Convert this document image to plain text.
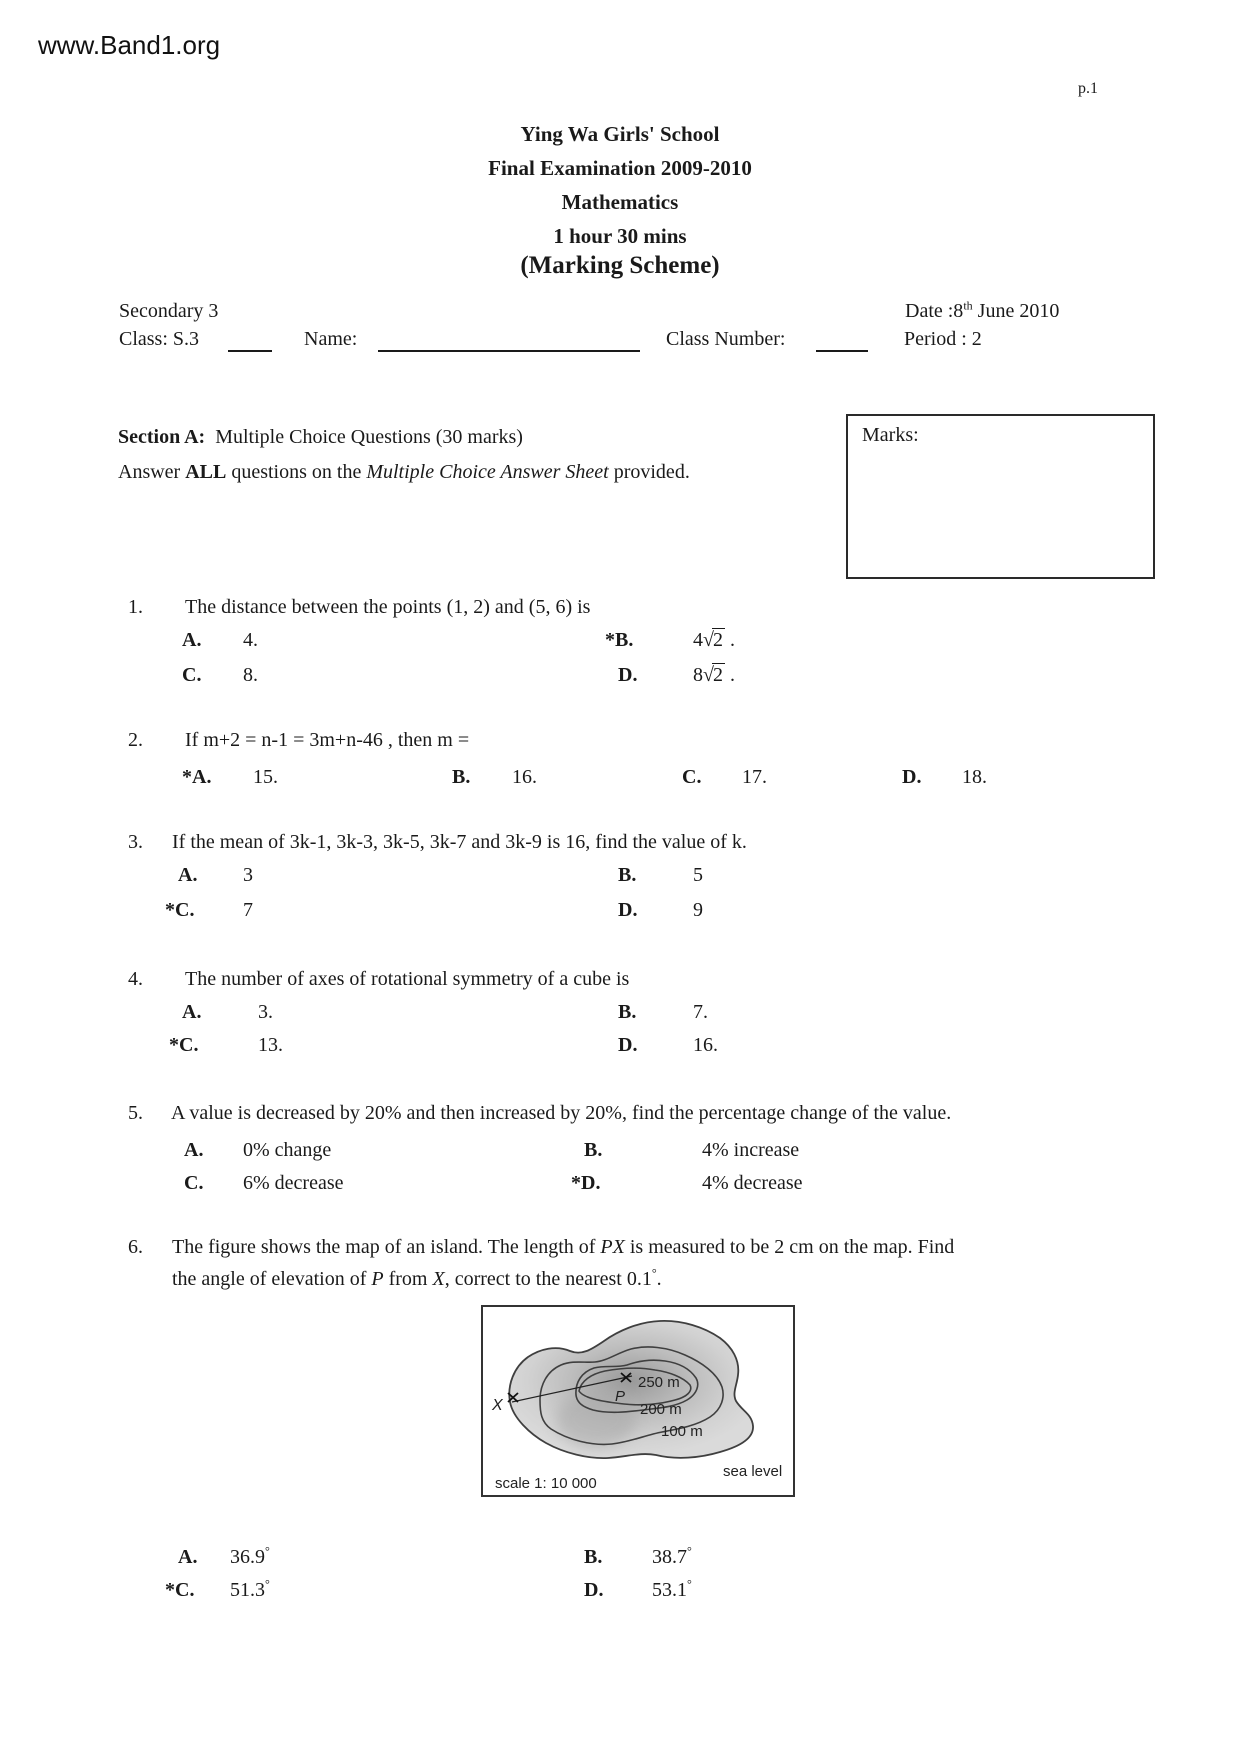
www.Band1.org
p.1
Ying Wa Girls' School
Final Examination 2009-2010
Mathematics
1 hour 30 mins
(Marking Scheme)
Secondary 3	Date :8th June 2010
Class: S.3	Name:	Class Number:	Period : 2
Marks:
Section A:  Multiple Choice Questions (30 marks)
Answer ALL questions on the Multiple Choice Answer Sheet provided.
1. The distance between the points (1, 2) and (5, 6) is
A. 4.	*B.	4√2 .
C. 8.	D.	8√2 .
2. If m+2 = n-1 = 3m+n-46 , then m =
*A. 15.	B. 16.	C. 17.	D. 18.
3. If the mean of 3k-1, 3k-3, 3k-5, 3k-7 and 3k-9 is 16, find the value of k.
A. 3	B.	5
*C. 7	D.	9
4. The number of axes of rotational symmetry of a cube is
A.	3.	B.	7.
*C.	13.	D.	16.
5. A value is decreased by 20% and then increased by 20%, find the percentage change of the value.
A. 0% change	B.	4% increase
C. 6% decrease	*D.	4% decrease
6. The figure shows the map of an island. The length of PX is measured to be 2 cm on the map. Find
the angle of elevation of P from X, correct to the nearest 0.1°.
A. 36.9°	B. 38.7°
*C. 51.3°	D. 53.1°
250 m
200 m
100 m
sea level
scale 1: 10 000
P
X
